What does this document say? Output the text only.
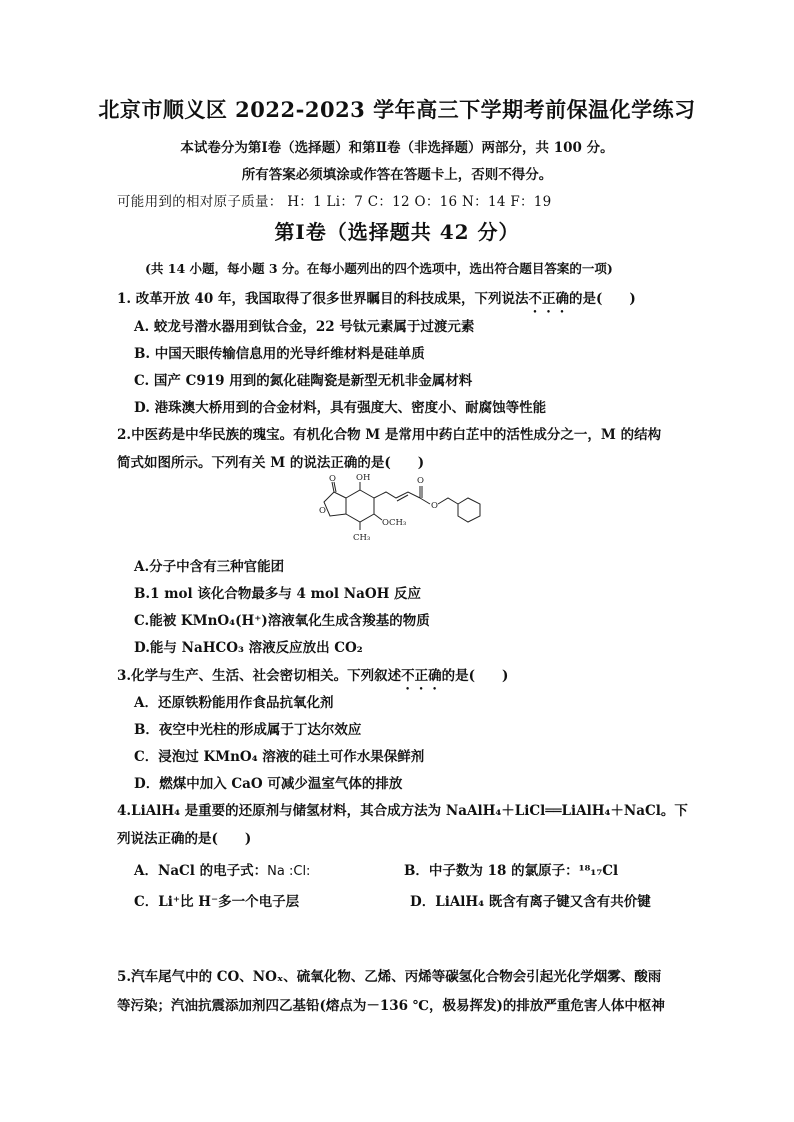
北京市顺义区 2022-2023 学年高三下学期考前保温化学练习
本试卷分为第Ⅰ卷（选择题）和第Ⅱ卷（非选择题）两部分，共 100 分。
所有答案必须填涂或作答在答题卡上，否则不得分。
可能用到的相对原子质量： H：1 Li：7 C：12 O：16 N：14 F：19
第Ⅰ卷（选择题共 42 分）
(共 14 小题，每小题 3 分。在每小题列出的四个选项中，选出符合题目答案的一项)
1. 改革开放 40 年，我国取得了很多世界瞩目的科技成果，下列说法不正确的是(　　)
A. 蛟龙号潜水器用到钛合金，22 号钛元素属于过渡元素
B. 中国天眼传输信息用的光导纤维材料是硅单质
C. 国产 C919 用到的氮化硅陶瓷是新型无机非金属材料
D. 港珠澳大桥用到的合金材料，具有强度大、密度小、耐腐蚀等性能
2.中医药是中华民族的瑰宝。有机化合物 M 是常用中药白芷中的活性成分之一，M 的结构
简式如图所示。下列有关 M 的说法正确的是(　　)
OH
O
O
O
O
OCH₃
CH₃
A.分子中含有三种官能团
B.1 mol 该化合物最多与 4 mol NaOH 反应
C.能被 KMnO₄(H⁺)溶液氧化生成含羧基的物质
D.能与 NaHCO₃ 溶液反应放出 CO₂
3.化学与生产、生活、社会密切相关。下列叙述不正确的是(　　)
A．还原铁粉能用作食品抗氧化剂
B．夜空中光柱的形成属于丁达尔效应
C．浸泡过 KMnO₄ 溶液的硅土可作水果保鲜剂
D．燃煤中加入 CaO 可减少温室气体的排放
4.LiAlH₄ 是重要的还原剂与储氢材料，其合成方法为 NaAlH₄＋LiCl══LiAlH₄＋NaCl。下
列说法正确的是(　　)
A．NaCl 的电子式：Na :Cl:	B．中子数为 18 的氯原子：¹⁸₁₇Cl
C．Li⁺比 H⁻多一个电子层	D．LiAlH₄ 既含有离子键又含有共价键
5.汽车尾气中的 CO、NOₓ、硫氧化物、乙烯、丙烯等碳氢化合物会引起光化学烟雾、酸雨
等污染；汽油抗震添加剂四乙基铅(熔点为－136 ℃，极易挥发)的排放严重危害人体中枢神
